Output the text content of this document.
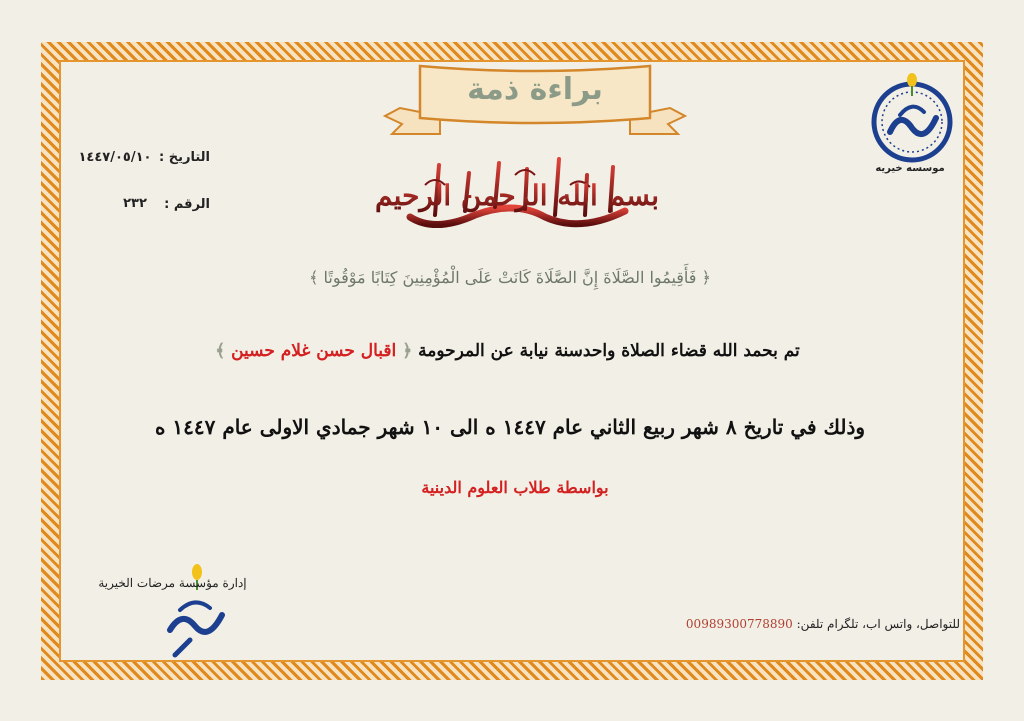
براءة ذمة
موسسه خیریه
التاریخ :
١٤٤٧/٠٥/١٠
الرقم :
٢٣٢	بسم الله الرحمن الرحيم
﴿ فَأَقِيمُوا الصَّلَاةَ إِنَّ الصَّلَاةَ كَانَتْ عَلَى الْمُؤْمِنِينَ كِتَابًا مَوْقُوتًا ﴾
تم بحمد الله قضاء الصلاة واحدسنة نيابة عن المرحومة ﴿ اقبال حسن غلام حسين ﴾
وذلك في تاريخ ٨ شهر ربيع الثاني عام ١٤٤٧ ه الى ١٠ شهر جمادي الاولى عام ١٤٤٧ ه
بواسطة طلاب العلوم الدينية
إدارة مؤسسة مرضات الخيرية
للتواصل، واتس اب، تلگرام تلفن: 00989300778890
